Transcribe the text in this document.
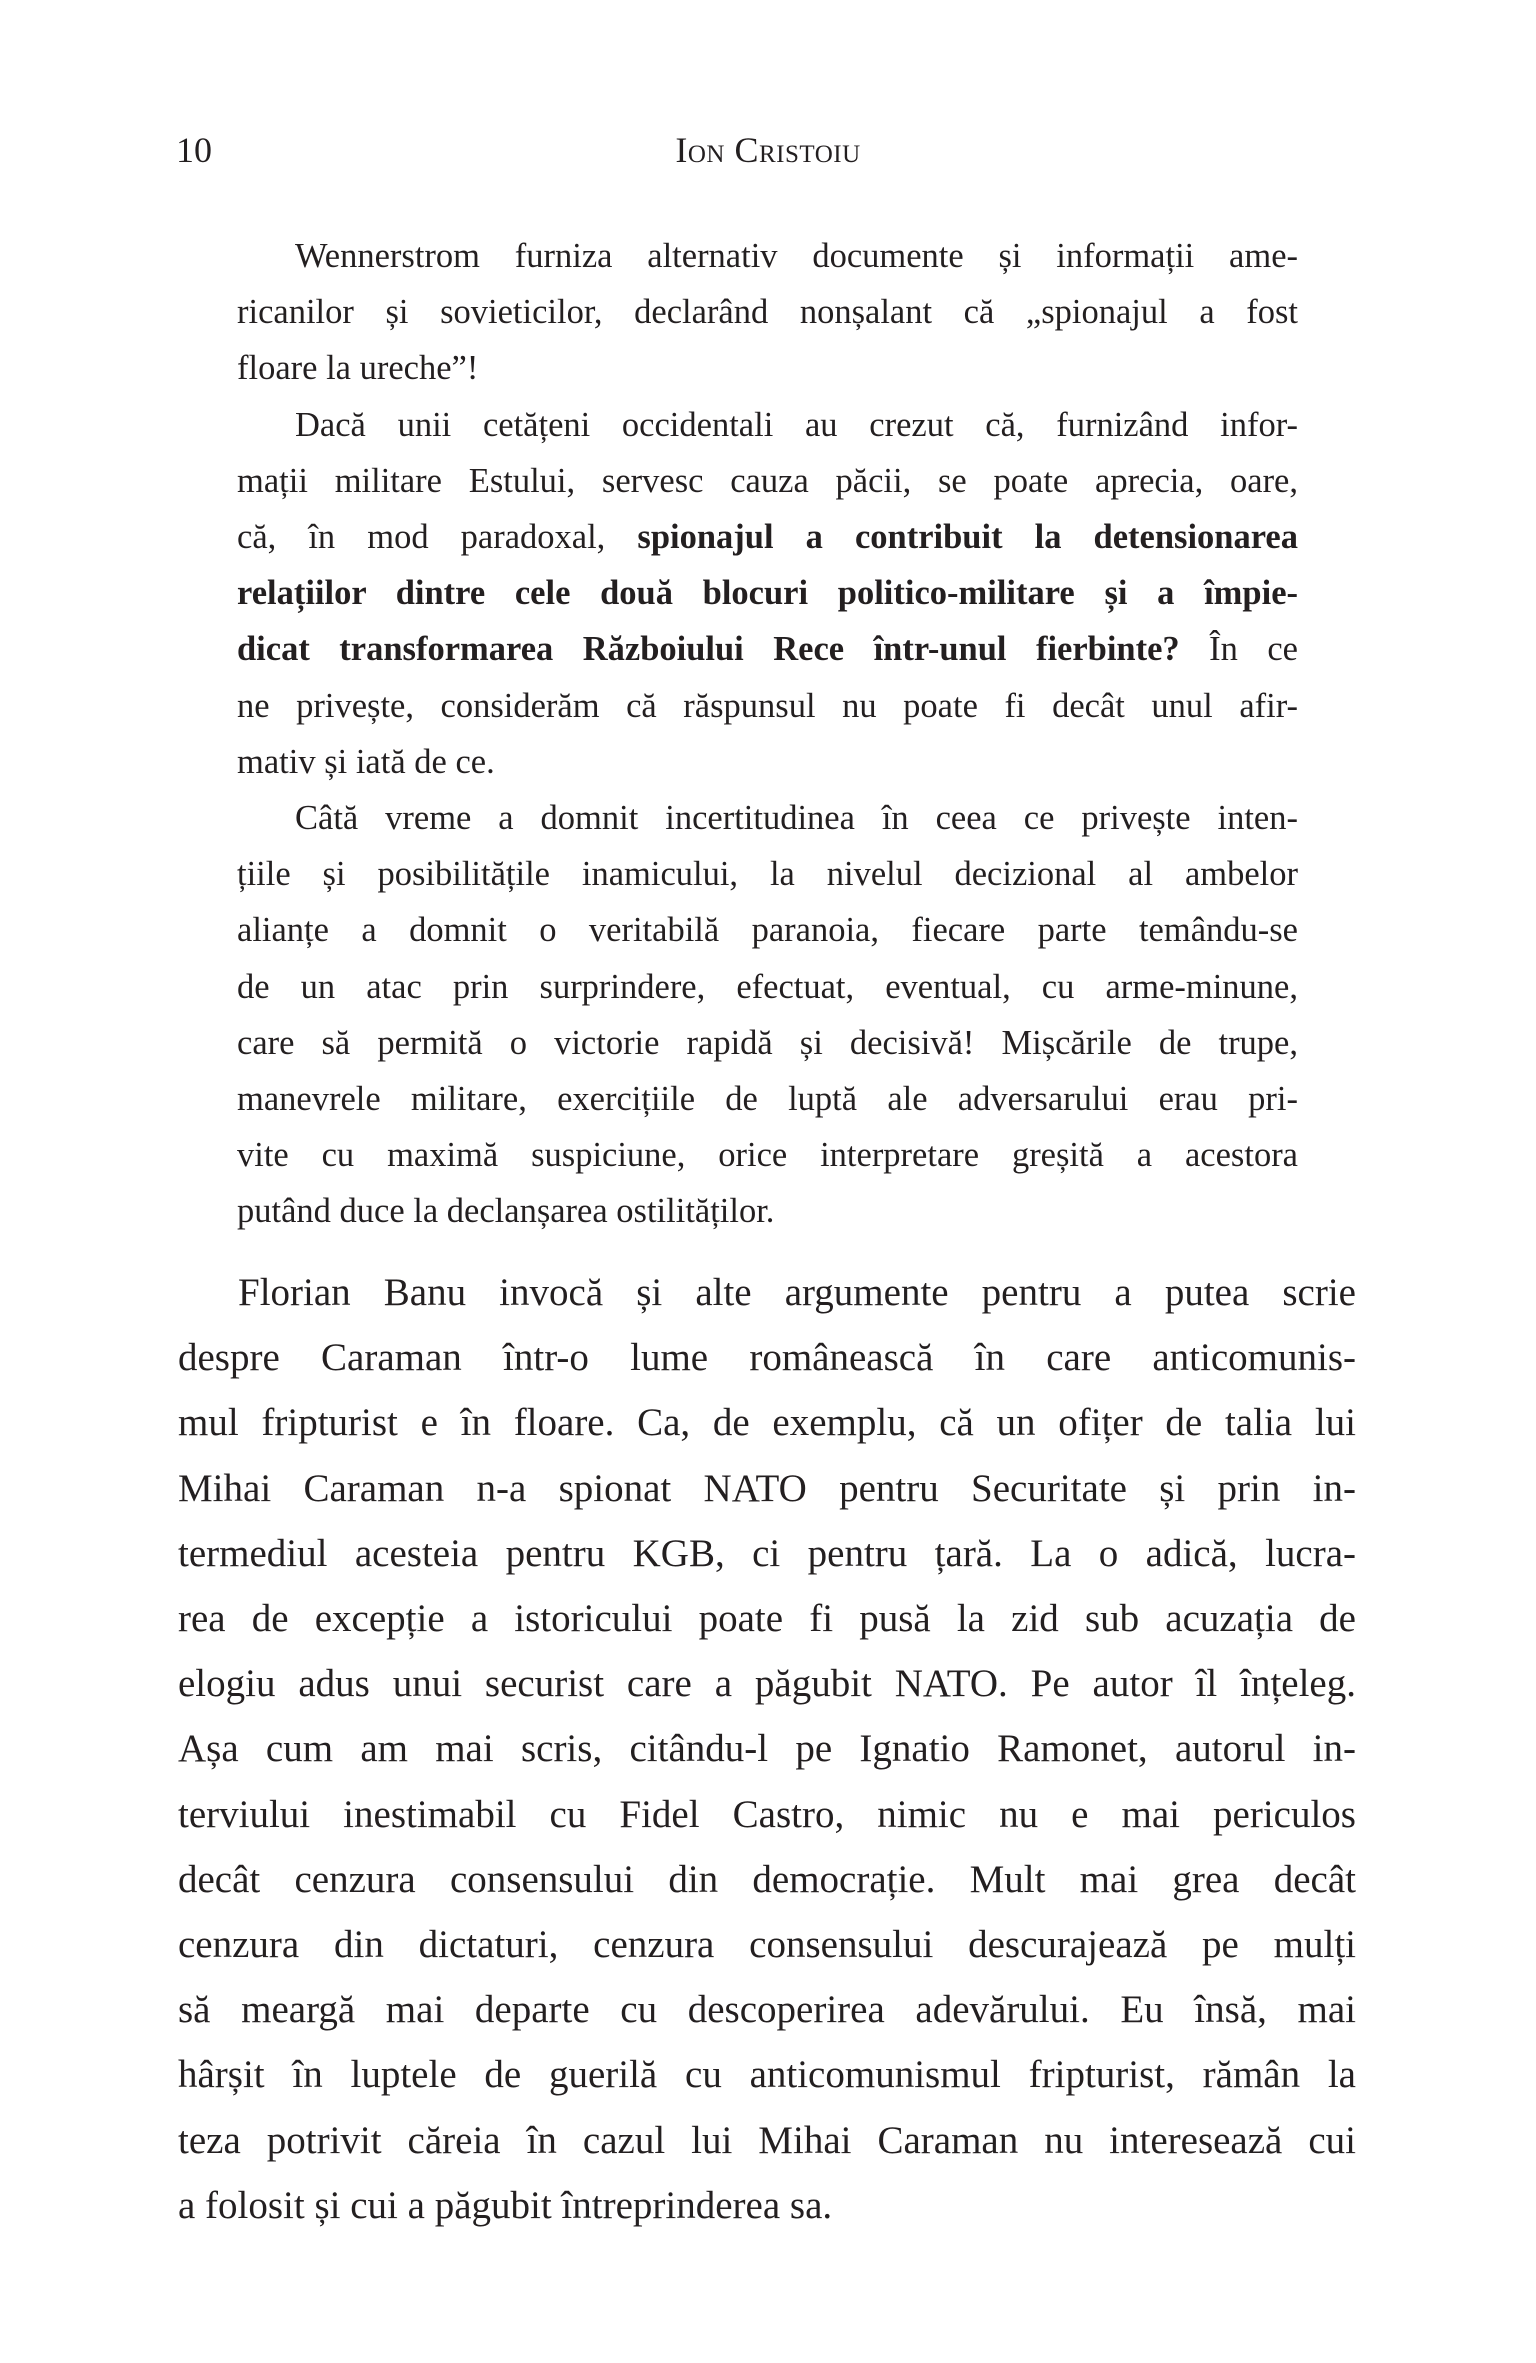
10	Ion Cristoiu
Wennerstrom furniza alternativ documente și informații ame-
ricanilor și sovieticilor, declarând nonșalant că „spionajul a fost
floare la ureche”!
Dacă unii cetățeni occidentali au crezut că, furnizând infor-
mații militare Estului, servesc cauza păcii, se poate aprecia, oare,
că, în mod paradoxal, spionajul a contribuit la detensionarea
relațiilor dintre cele două blocuri politico-militare și a împie-
dicat transformarea Războiului Rece într-unul fierbinte? În ce
ne privește, considerăm că răspunsul nu poate fi decât unul afir-
mativ și iată de ce.
Câtă vreme a domnit incertitudinea în ceea ce privește inten-
țiile și posibilitățile inamicului, la nivelul decizional al ambelor
alianțe a domnit o veritabilă paranoia, fiecare parte temându-se
de un atac prin surprindere, efectuat, eventual, cu arme-minune,
care să permită o victorie rapidă și decisivă! Mișcările de trupe,
manevrele militare, exercițiile de luptă ale adversarului erau pri-
vite cu maximă suspiciune, orice interpretare greșită a acestora
putând duce la declanșarea ostilităților.
Florian Banu invocă și alte argumente pentru a putea scrie
despre Caraman într-o lume românească în care anticomunis-
mul fripturist e în floare. Ca, de exemplu, că un ofițer de talia lui
Mihai Caraman n-a spionat NATO pentru Securitate și prin in-
termediul acesteia pentru KGB, ci pentru țară. La o adică, lucra-
rea de excepție a istoricului poate fi pusă la zid sub acuzația de
elogiu adus unui securist care a păgubit NATO. Pe autor îl înțeleg.
Așa cum am mai scris, citându-l pe Ignatio Ramonet, autorul in-
terviului inestimabil cu Fidel Castro, nimic nu e mai periculos
decât cenzura consensului din democrație. Mult mai grea decât
cenzura din dictaturi, cenzura consensului descurajează pe mulți
să meargă mai departe cu descoperirea adevărului. Eu însă, mai
hârșit în luptele de guerilă cu anticomunismul fripturist, rămân la
teza potrivit căreia în cazul lui Mihai Caraman nu interesează cui
a folosit și cui a păgubit întreprinderea sa.
